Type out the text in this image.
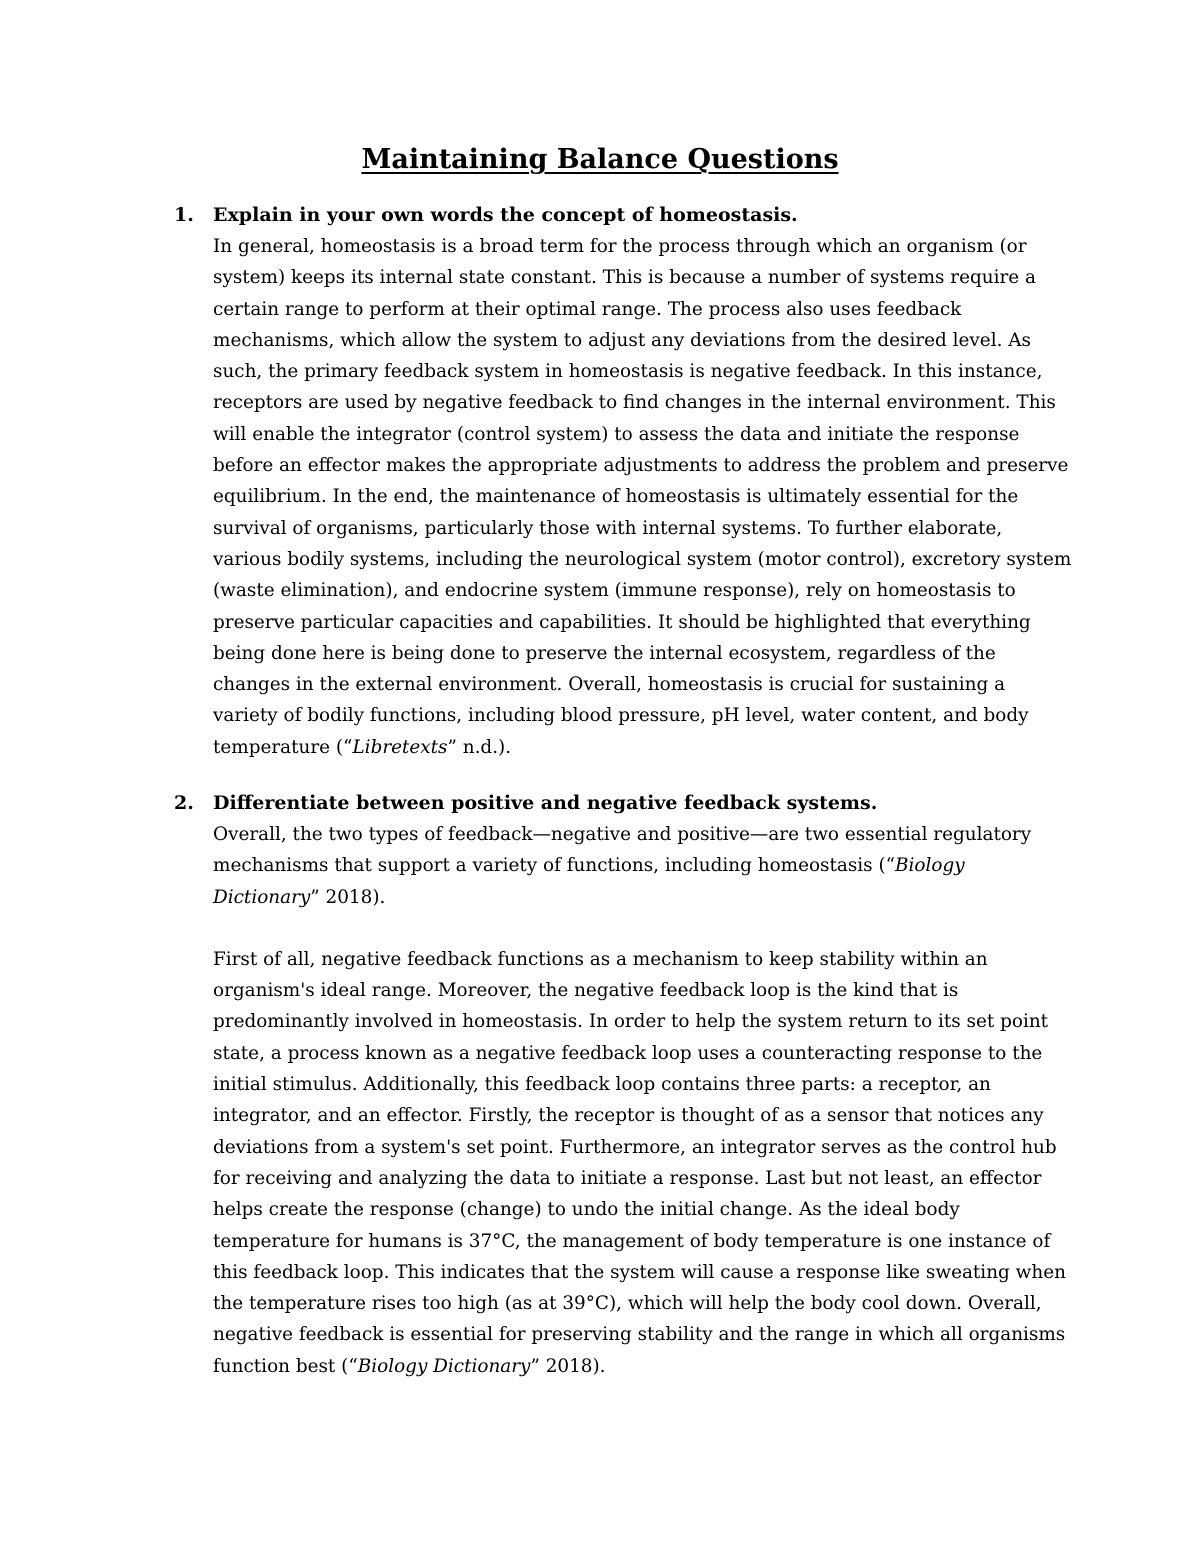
Maintaining Balance Questions
1.	Explain in your own words the concept of homeostasis.

In general, homeostasis is a broad term for the process through which an organism (or system) keeps its internal state constant. This is because a number of systems require a certain range to perform at their optimal range. The process also uses feedback mechanisms, which allow the system to adjust any deviations from the desired level. As such, the primary feedback system in homeostasis is negative feedback. In this instance, receptors are used by negative feedback to find changes in the internal environment. This will enable the integrator (control system) to assess the data and initiate the response before an effector makes the appropriate adjustments to address the problem and preserve equilibrium. In the end, the maintenance of homeostasis is ultimately essential for the survival of organisms, particularly those with internal systems. To further elaborate, various bodily systems, including the neurological system (motor control), excretory system (waste elimination), and endocrine system (immune response), rely on homeostasis to preserve particular capacities and capabilities. It should be highlighted that everything being done here is being done to preserve the internal ecosystem, regardless of the changes in the external environment. Overall, homeostasis is crucial for sustaining a variety of bodily functions, including blood pressure, pH level, water content, and body temperature (“Libretexts” n.d.).

2.	Differentiate between positive and negative feedback systems.

Overall, the two types of feedback—negative and positive—are two essential regulatory mechanisms that support a variety of functions, including homeostasis (“Biology Dictionary” 2018).

First of all, negative feedback functions as a mechanism to keep stability within an organism's ideal range. Moreover, the negative feedback loop is the kind that is predominantly involved in homeostasis. In order to help the system return to its set point state, a process known as a negative feedback loop uses a counteracting response to the initial stimulus. Additionally, this feedback loop contains three parts: a receptor, an integrator, and an effector. Firstly, the receptor is thought of as a sensor that notices any deviations from a system's set point. Furthermore, an integrator serves as the control hub for receiving and analyzing the data to initiate a response. Last but not least, an effector helps create the response (change) to undo the initial change. As the ideal body temperature for humans is 37°C, the management of body temperature is one instance of this feedback loop. This indicates that the system will cause a response like sweating when the temperature rises too high (as at 39°C), which will help the body cool down. Overall, negative feedback is essential for preserving stability and the range in which all organisms function best (“Biology Dictionary” 2018).
